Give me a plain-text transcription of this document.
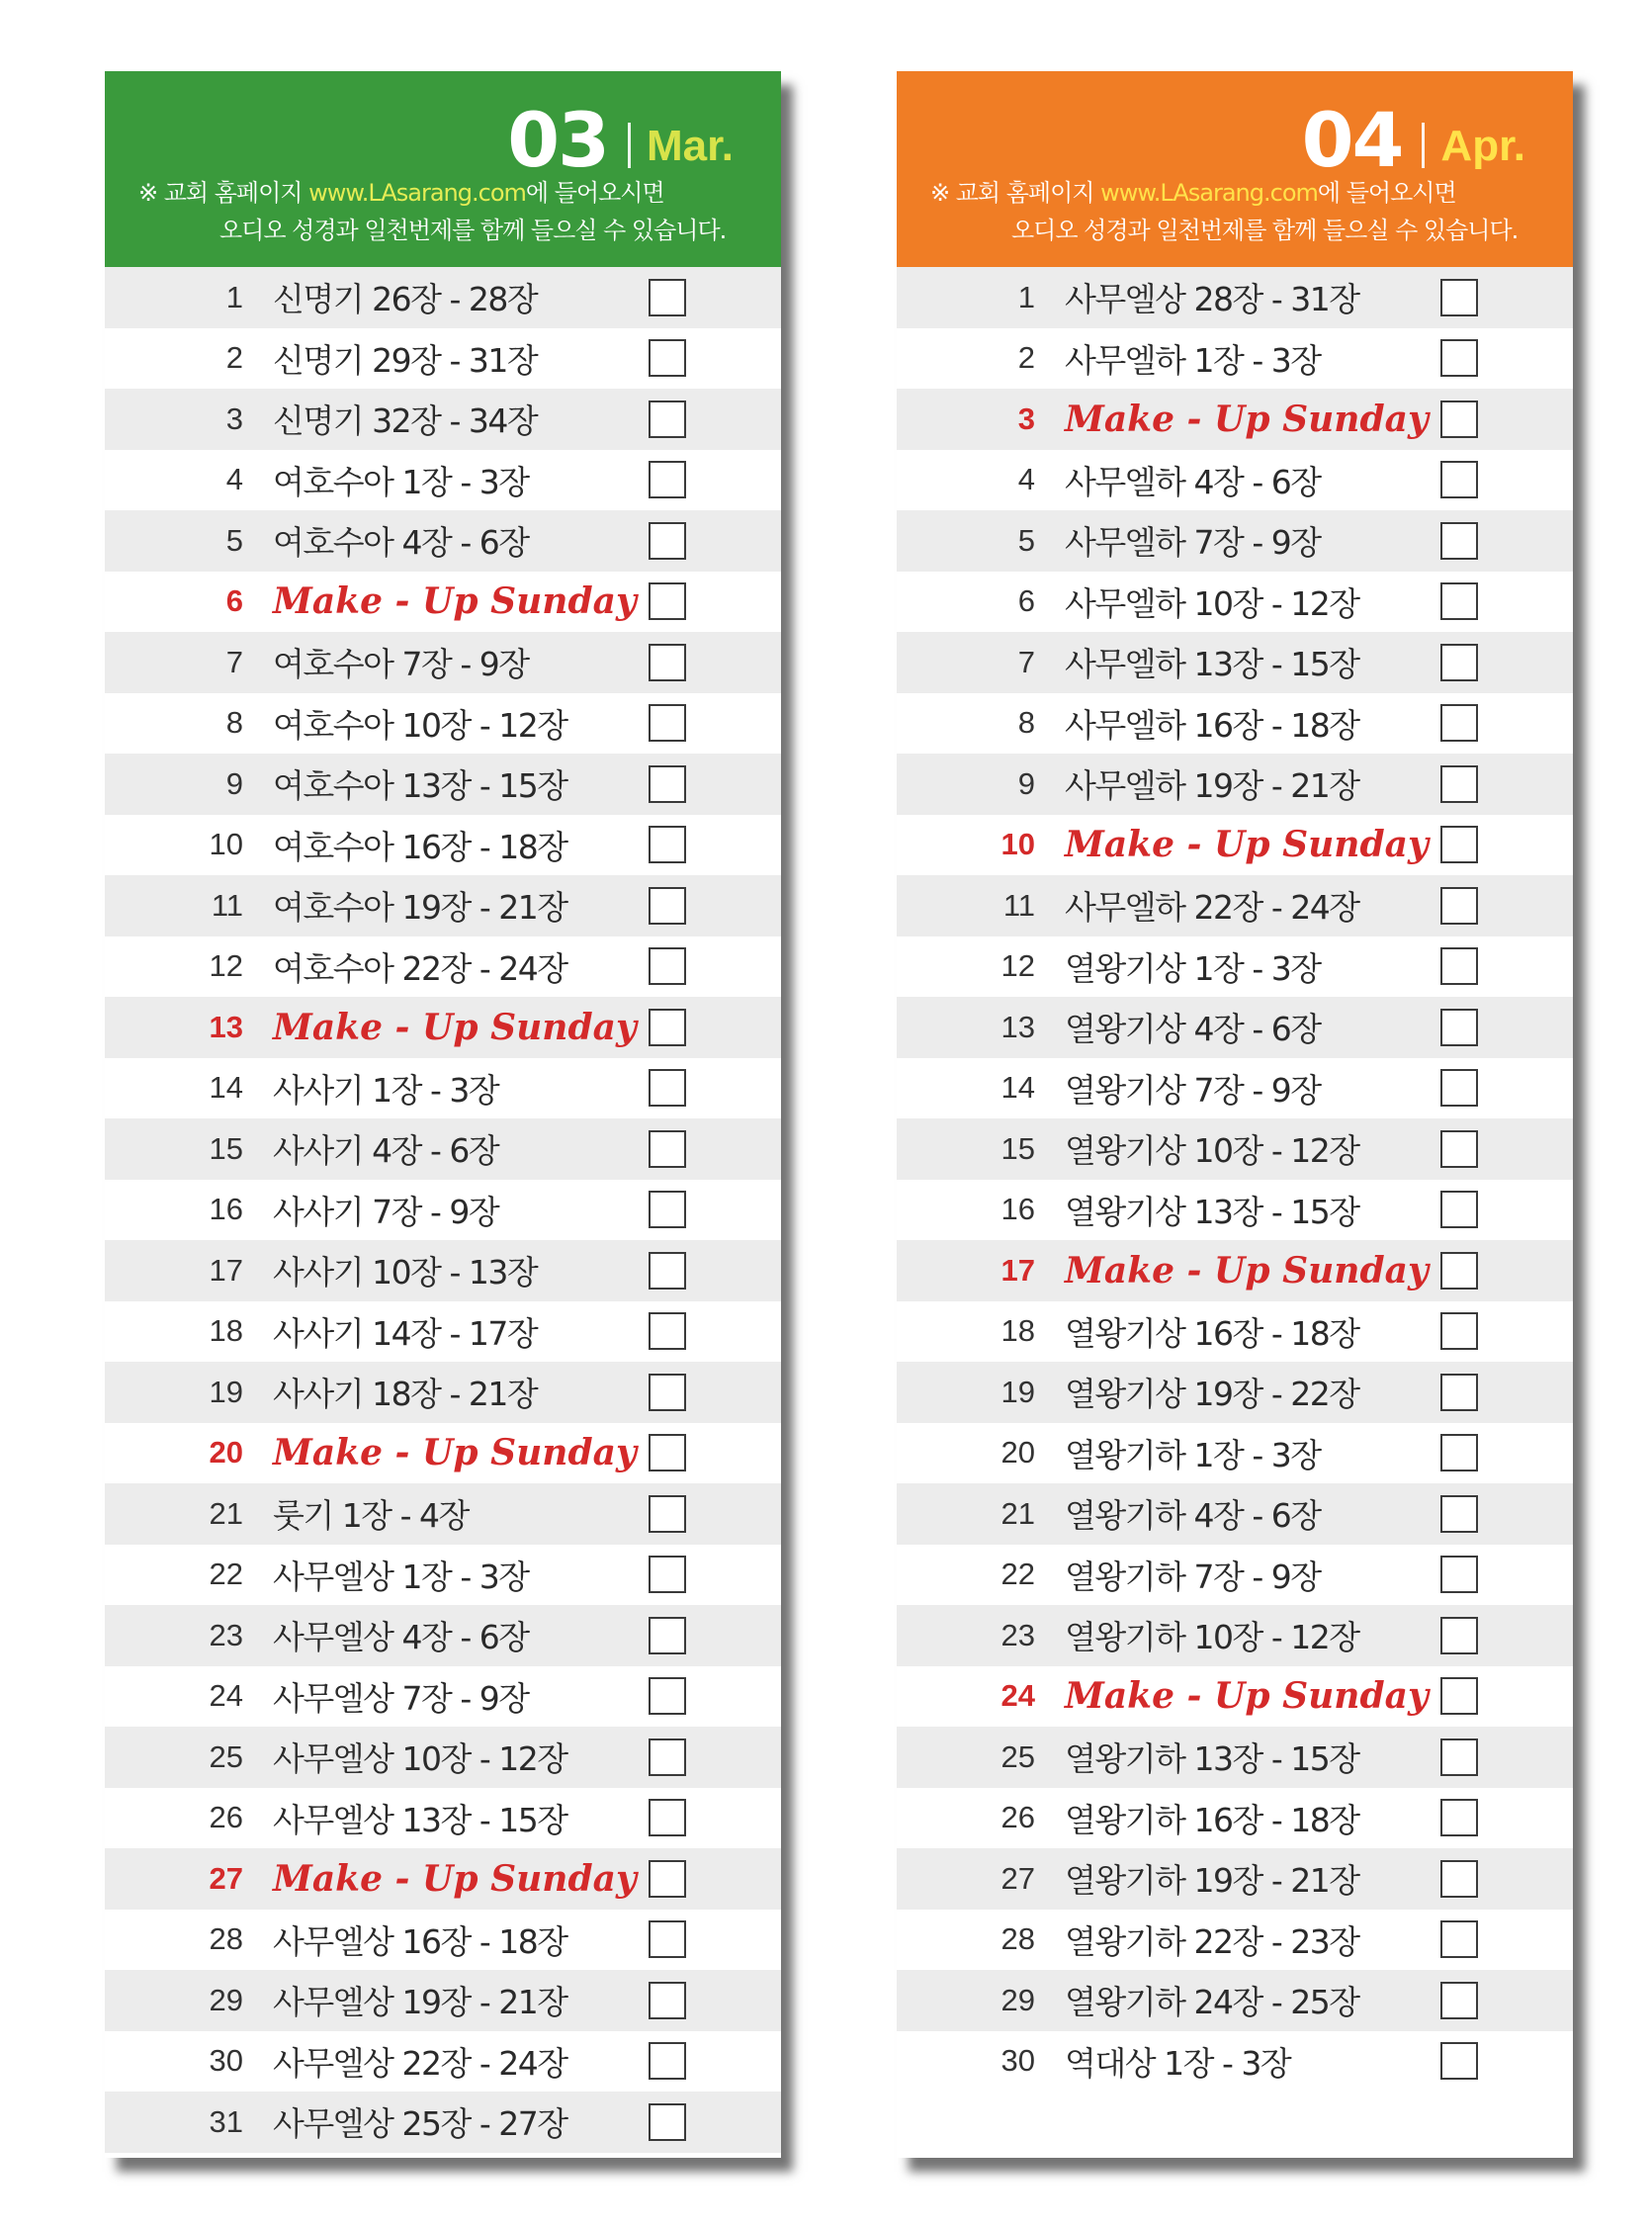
03 Mar.
※ 교회 홈페이지 www.LAsarang.com에 들어오시면
오디오 성경과 일천번제를 함께 들으실 수 있습니다.
1 신명기 26장 - 28장
2 신명기 29장 - 31장
3 신명기 32장 - 34장
4 여호수아 1장 - 3장
5 여호수아 4장 - 6장
6 Make - Up Sunday
7 여호수아 7장 - 9장
8 여호수아 10장 - 12장
9 여호수아 13장 - 15장
10 여호수아 16장 - 18장
11 여호수아 19장 - 21장
12 여호수아 22장 - 24장
13 Make - Up Sunday
14 사사기 1장 - 3장
15 사사기 4장 - 6장
16 사사기 7장 - 9장
17 사사기 10장 - 13장
18 사사기 14장 - 17장
19 사사기 18장 - 21장
20 Make - Up Sunday
21 룻기 1장 - 4장
22 사무엘상 1장 - 3장
23 사무엘상 4장 - 6장
24 사무엘상 7장 - 9장
25 사무엘상 10장 - 12장
26 사무엘상 13장 - 15장
27 Make - Up Sunday
28 사무엘상 16장 - 18장
29 사무엘상 19장 - 21장
30 사무엘상 22장 - 24장
31 사무엘상 25장 - 27장
04 Apr.
※ 교회 홈페이지 www.LAsarang.com에 들어오시면
오디오 성경과 일천번제를 함께 들으실 수 있습니다.
1 사무엘상 28장 - 31장
2 사무엘하 1장 - 3장
3 Make - Up Sunday
4 사무엘하 4장 - 6장
5 사무엘하 7장 - 9장
6 사무엘하 10장 - 12장
7 사무엘하 13장 - 15장
8 사무엘하 16장 - 18장
9 사무엘하 19장 - 21장
10 Make - Up Sunday
11 사무엘하 22장 - 24장
12 열왕기상 1장 - 3장
13 열왕기상 4장 - 6장
14 열왕기상 7장 - 9장
15 열왕기상 10장 - 12장
16 열왕기상 13장 - 15장
17 Make - Up Sunday
18 열왕기상 16장 - 18장
19 열왕기상 19장 - 22장
20 열왕기하 1장 - 3장
21 열왕기하 4장 - 6장
22 열왕기하 7장 - 9장
23 열왕기하 10장 - 12장
24 Make - Up Sunday
25 열왕기하 13장 - 15장
26 열왕기하 16장 - 18장
27 열왕기하 19장 - 21장
28 열왕기하 22장 - 23장
29 열왕기하 24장 - 25장
30 역대상 1장 - 3장
